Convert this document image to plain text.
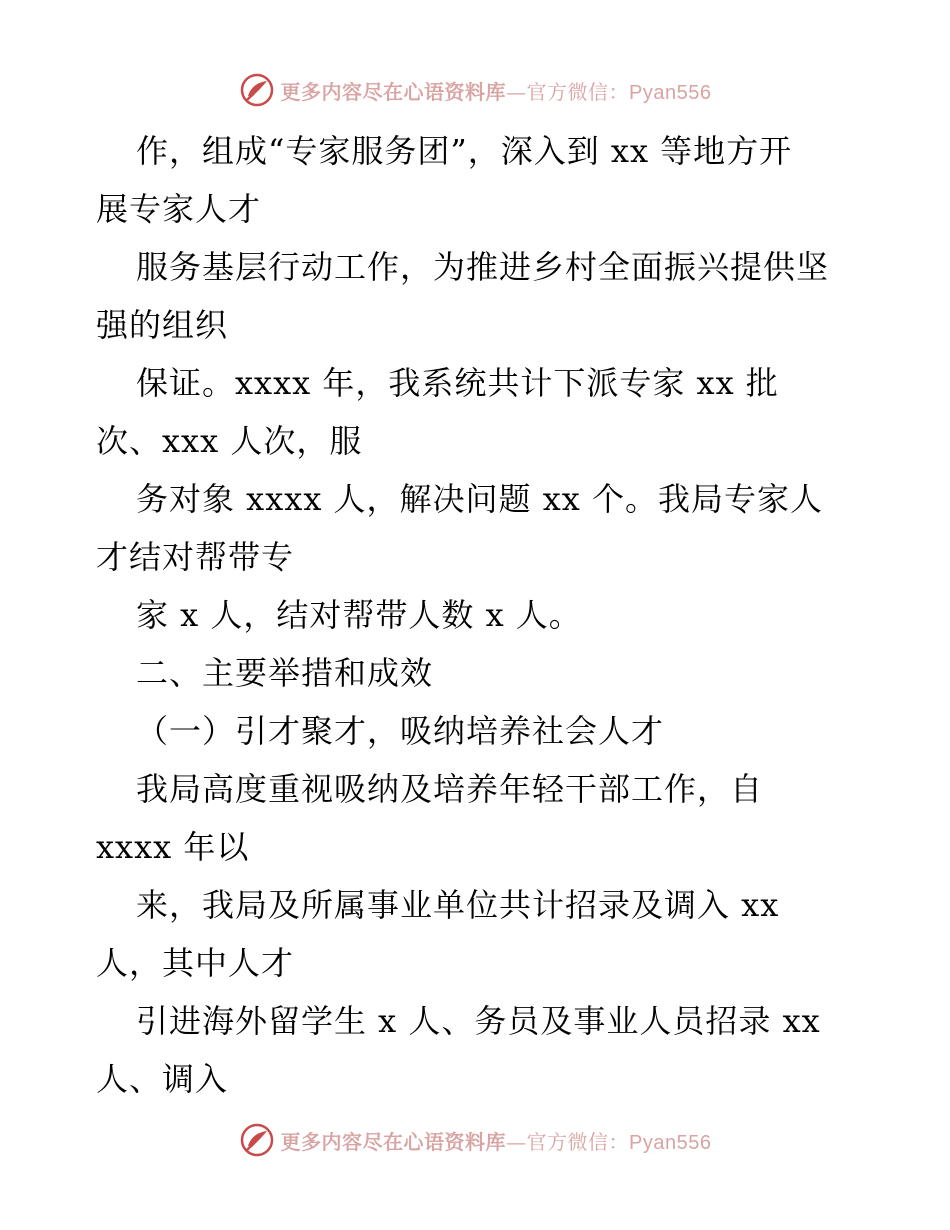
更多内容尽在心语资料库—官方微信：Pyan556
作，组成“专家服务团”，深入到 xx 等地方开
展专家人才
服务基层行动工作，为推进乡村全面振兴提供坚
强的组织
保证。xxxx 年，我系统共计下派专家 xx 批
次、xxx 人次，服
务对象 xxxx 人，解决问题 xx 个。我局专家人
才结对帮带专
家 x 人，结对帮带人数 x 人。
二、主要举措和成效
（一）引才聚才，吸纳培养社会人才
我局高度重视吸纳及培养年轻干部工作，自
xxxx 年以
来，我局及所属事业单位共计招录及调入 xx
人，其中人才
引进海外留学生 x 人、务员及事业人员招录 xx
人、调入
更多内容尽在心语资料库—官方微信：Pyan556
